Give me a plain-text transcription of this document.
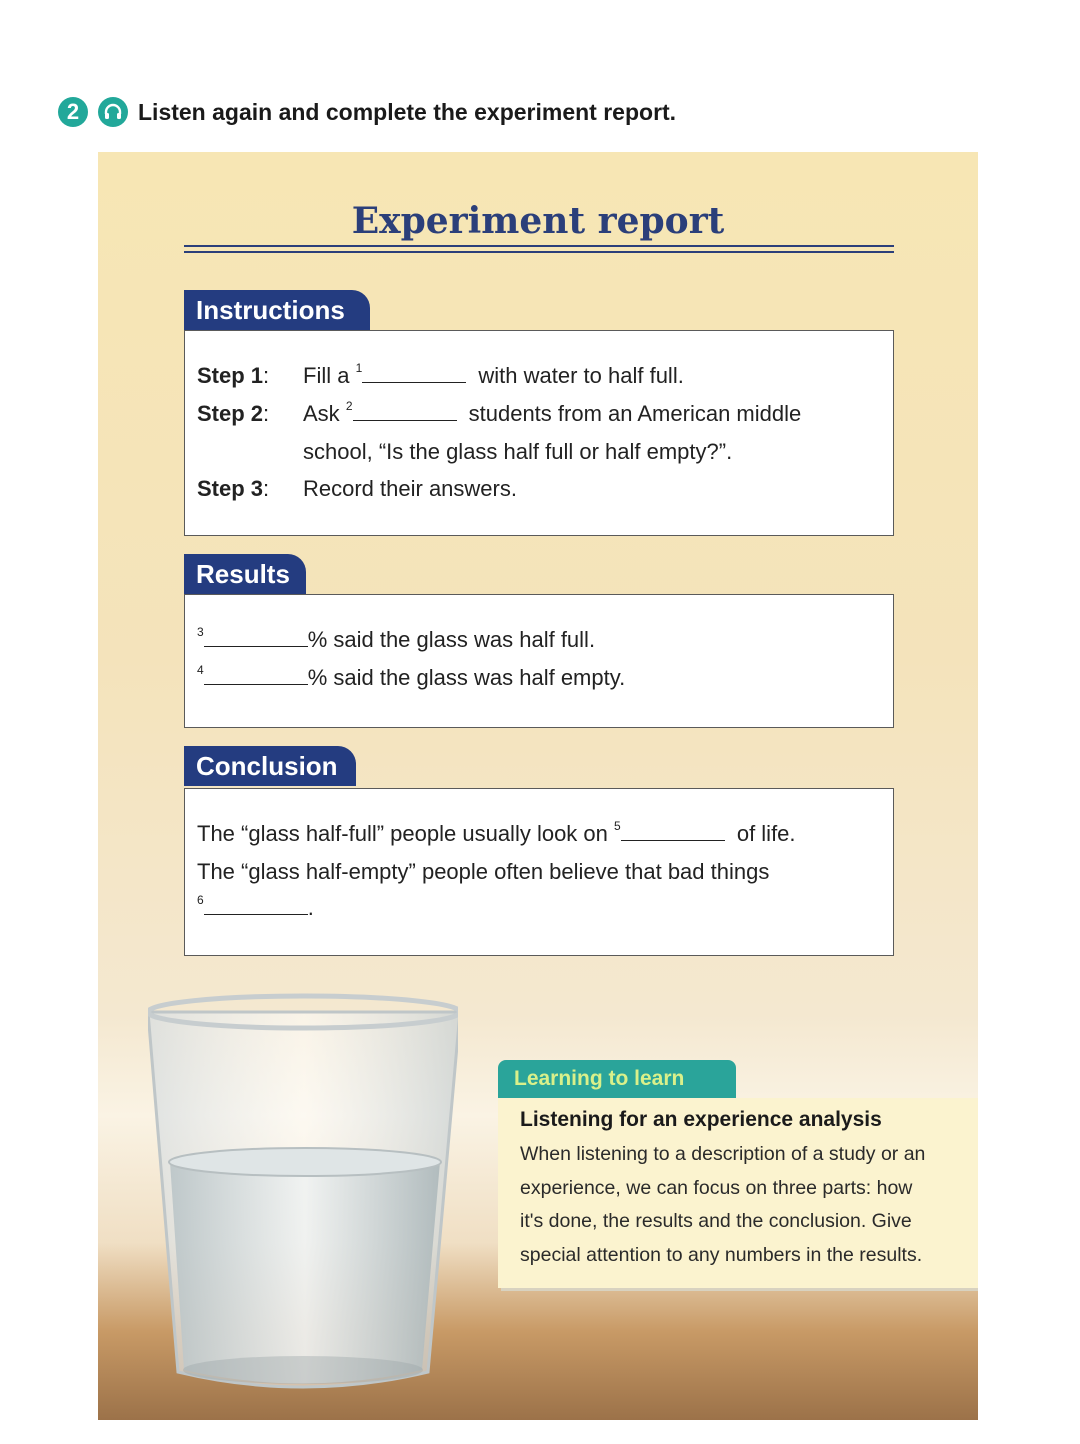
2	Listen again and complete the experiment report.
Experiment report
Instructions
Step 1: Fill a $^1$	with water to half full.
Step 2: Ask $^2$	students from an American middle
school, “Is the glass half full or half empty?”.
Step 3: Record their answers.
Results
$^3$	% said the glass was half full.
$^4$	% said the glass was half empty.
Conclusion
The “glass half-full” people usually look on $^5$	of life.
The “glass half-empty” people often believe that bad things
$^6$	.
Learning to learn
Listening for an experience analysis
When listening to a description of a study or an
experience, we can focus on three parts: how
it's done, the results and the conclusion. Give
special attention to any numbers in the results.
